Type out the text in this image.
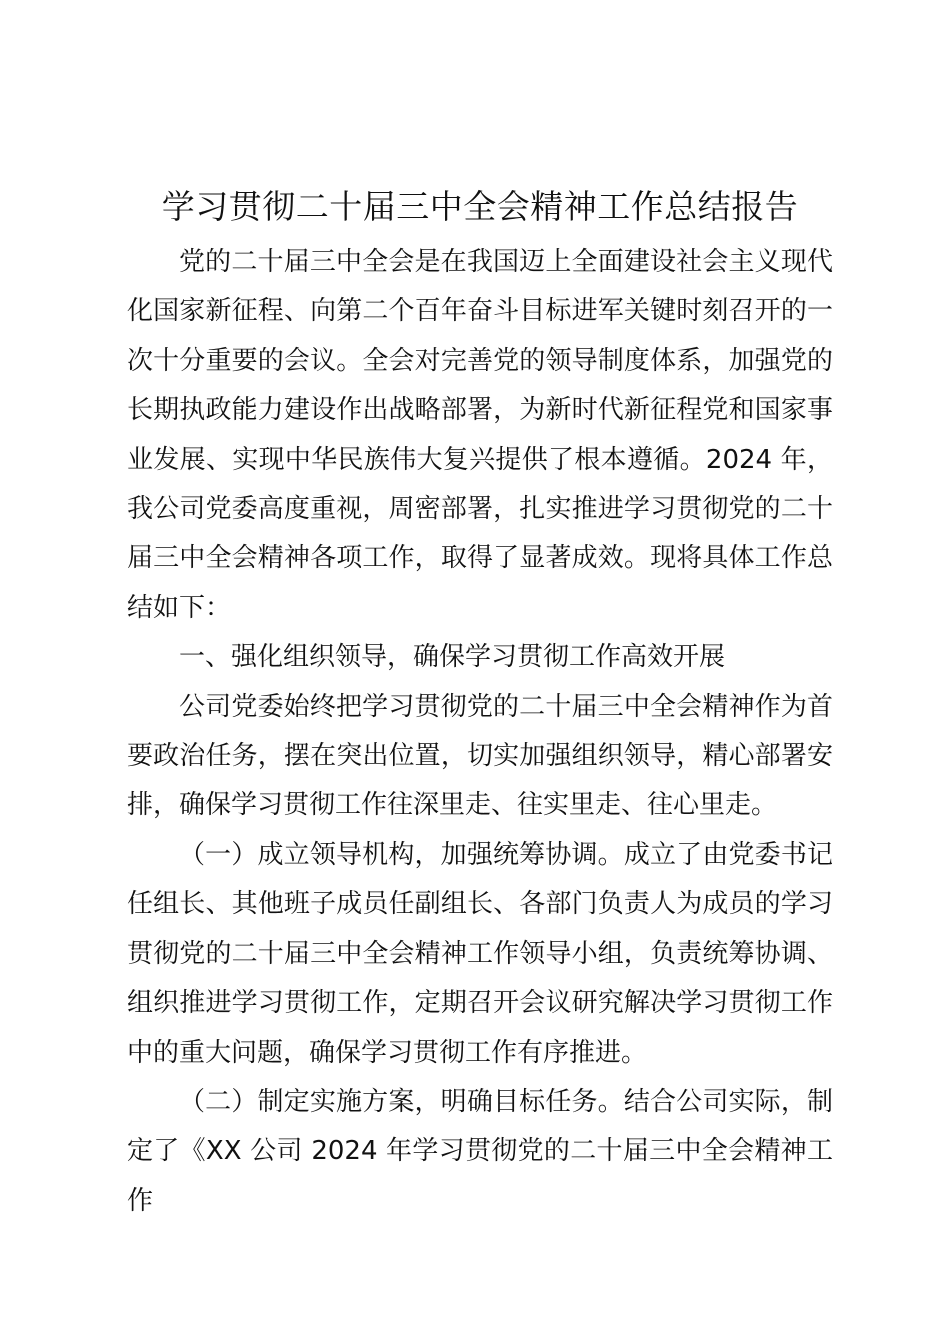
学习贯彻二十届三中全会精神工作总结报告

党的二十届三中全会是在我国迈上全面建设社会主义现代化国家新征程、向第二个百年奋斗目标进军关键时刻召开的一次十分重要的会议。全会对完善党的领导制度体系，加强党的长期执政能力建设作出战略部署，为新时代新征程党和国家事业发展、实现中华民族伟大复兴提供了根本遵循。2024 年，我公司党委高度重视，周密部署，扎实推进学习贯彻党的二十届三中全会精神各项工作，取得了显著成效。现将具体工作总结如下：

一、强化组织领导，确保学习贯彻工作高效开展

公司党委始终把学习贯彻党的二十届三中全会精神作为首要政治任务，摆在突出位置，切实加强组织领导，精心部署安排，确保学习贯彻工作往深里走、往实里走、往心里走。

（一）成立领导机构，加强统筹协调。成立了由党委书记任组长、其他班子成员任副组长、各部门负责人为成员的学习贯彻党的二十届三中全会精神工作领导小组，负责统筹协调、组织推进学习贯彻工作，定期召开会议研究解决学习贯彻工作中的重大问题，确保学习贯彻工作有序推进。

（二）制定实施方案，明确目标任务。结合公司实际，制定了《XX 公司 2024 年学习贯彻党的二十届三中全会精神工作
